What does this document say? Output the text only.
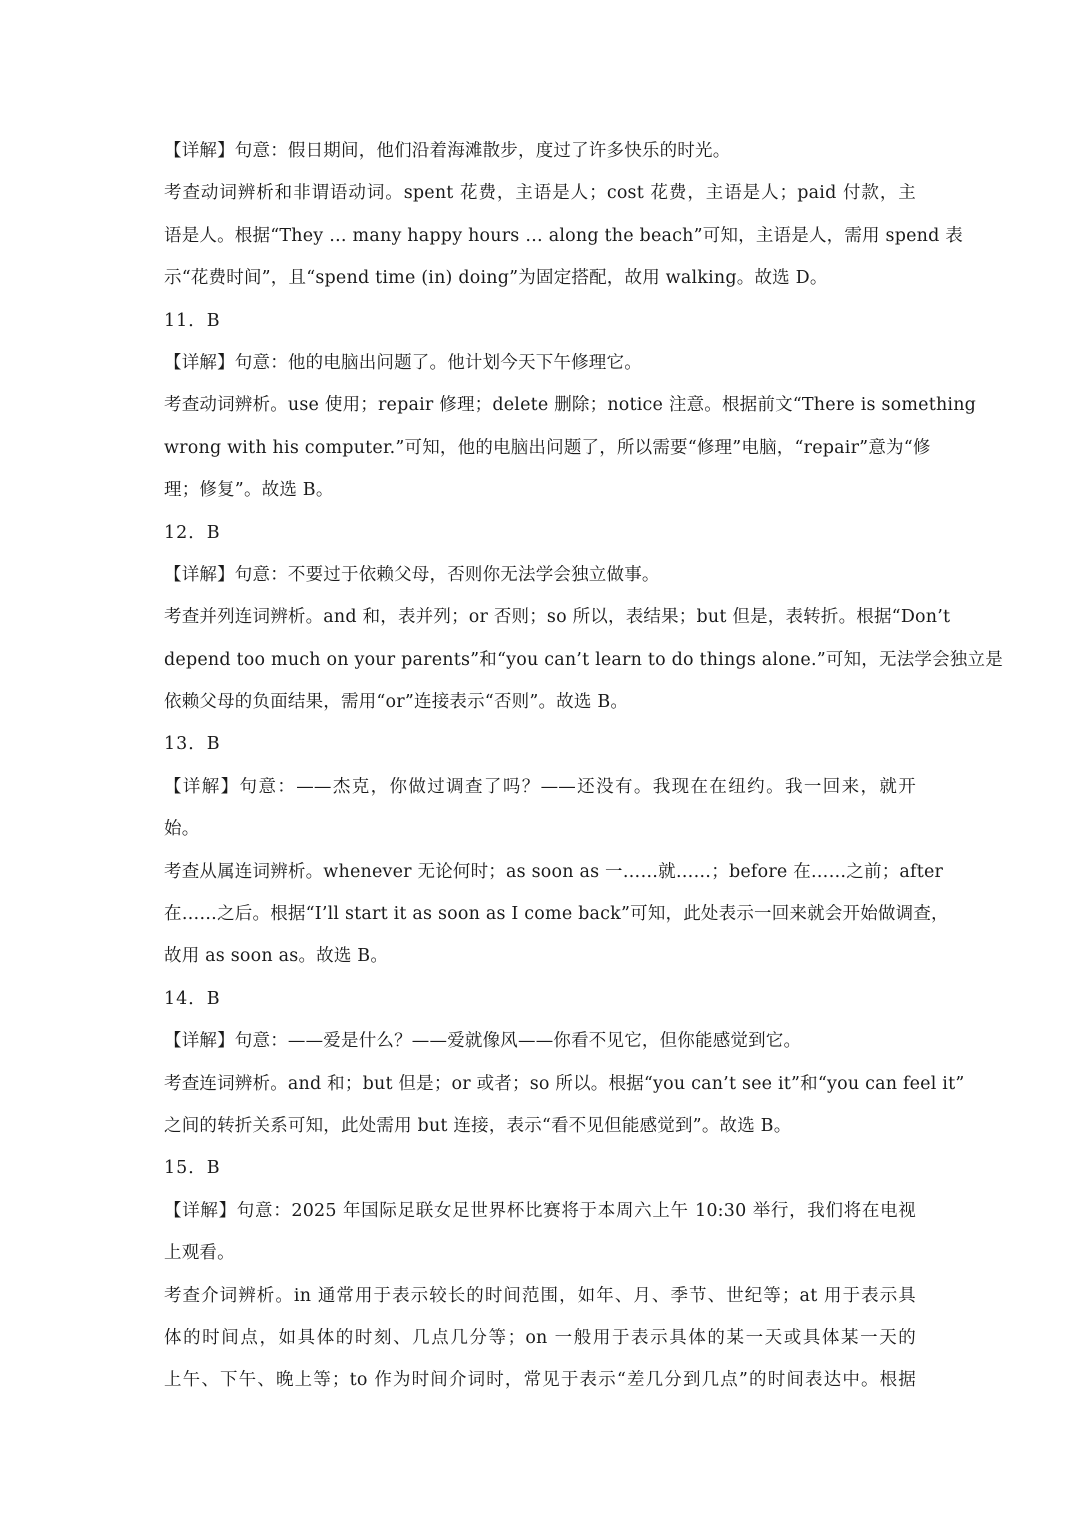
【详解】句意：假日期间，他们沿着海滩散步，度过了许多快乐的时光。
考查动词辨析和非谓语动词。spent 花费，主语是人；cost 花费，主语是人；paid 付款，主
语是人。根据“They … many happy hours … along the beach”可知，主语是人，需用 spend 表
示“花费时间”，且“spend time (in) doing”为固定搭配，故用 walking。故选 D。
11．B
【详解】句意：他的电脑出问题了。他计划今天下午修理它。
考查动词辨析。use 使用；repair 修理；delete 删除；notice 注意。根据前文“There is something
wrong with his computer.”可知，他的电脑出问题了，所以需要“修理”电脑，“repair”意为“修
理；修复”。故选 B。
12．B
【详解】句意：不要过于依赖父母，否则你无法学会独立做事。
考查并列连词辨析。and 和，表并列；or 否则；so 所以，表结果；but 但是，表转折。根据“Don’t
depend too much on your parents”和“you can’t learn to do things alone.”可知，无法学会独立是
依赖父母的负面结果，需用“or”连接表示“否则”。故选 B。
13．B
【详解】句意：——杰克，你做过调查了吗？——还没有。我现在在纽约。我一回来，就开
始。
考查从属连词辨析。whenever 无论何时；as soon as 一……就……；before 在……之前；after
在……之后。根据“I’ll start it as soon as I come back”可知，此处表示一回来就会开始做调查，
故用 as soon as。故选 B。
14．B
【详解】句意：——爱是什么？——爱就像风——你看不见它，但你能感觉到它。
考查连词辨析。and 和；but 但是；or 或者；so 所以。根据“you can’t see it”和“you can feel it”
之间的转折关系可知，此处需用 but 连接，表示“看不见但能感觉到”。故选 B。
15．B
【详解】句意：2025 年国际足联女足世界杯比赛将于本周六上午 10:30 举行，我们将在电视
上观看。
考查介词辨析。in 通常用于表示较长的时间范围，如年、月、季节、世纪等；at 用于表示具
体的时间点，如具体的时刻、几点几分等；on 一般用于表示具体的某一天或具体某一天的
上午、下午、晚上等；to 作为时间介词时，常见于表示“差几分到几点”的时间表达中。根据
